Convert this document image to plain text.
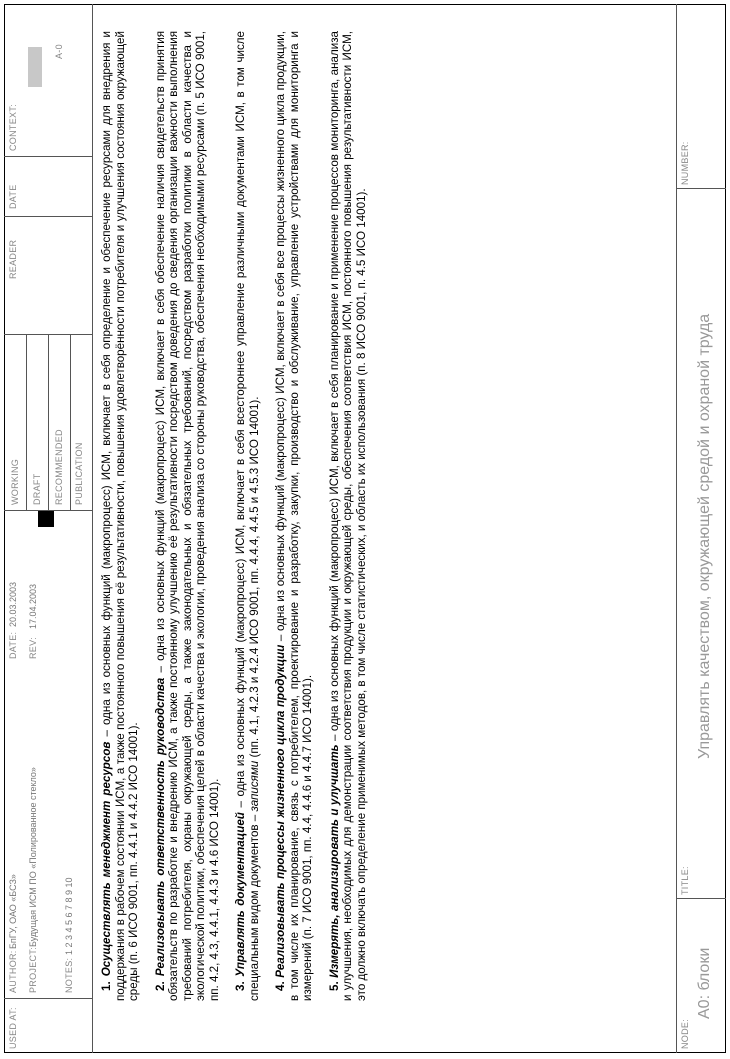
USED AT:
AUTHOR:
БпГУ, ОАО «БСЗ»
DATE:
20.03.2003
PROJECT:
Будущая ИСМ ПО «Полированное стекло»
REV:
17.04.2003
NOTES:
1 2 3 4 5 6 7 8 9 10
WORKING DRAFT RECOMMENDED PUBLICATION
READER
DATE
CONTEXT:
A-0

1. Осуществлять менеджмент ресурсов – одна из основных функций (макропроцесс) ИСМ, включает в себя определение и обеспечение ресурсами для внедрения и поддержания в рабочем состоянии ИСМ, а также постоянного повышения её результативности, повышения удовлетворённости потребителя и улучшения состояния окружающей среды (п. 6 ИСО 9001, пп. 4.4.1 и 4.4.2 ИСО 14001). 2. Реализовывать ответственность руководства – одна из основных функций (макропроцесс) ИСМ, включает в себя обеспечение наличия свидетельств принятия обязательств по разработке и внедрению ИСМ, а также постоянному улучшению её результативности посредством доведения до сведения организации важности выполнения требований потребителя, охраны окружающей среды, а также законодательных и обязательных требований, посредством разработки политики в области качества и экологической политики, обеспечения целей в области качества и экологии, проведения анализа со стороны руководства, обеспечения необходимыми ресурсами (п. 5 ИСО 9001, пп. 4.2, 4.3, 4.4.1, 4.4.3 и 4.6 ИСО 14001). 3. Управлять документацией – одна из основных функций (макропроцесс) ИСМ, включает в себя всестороннее управление различными документами ИСМ, в том числе специальным видом документов – записями (пп. 4.1, 4.2.3 и 4.2.4 ИСО 9001, пп. 4.4.4, 4.4.5 и 4.5.3 ИСО 14001).

4. Реализовывать процессы жизненного цикла продукции – одна из основных функций (макропроцесс) ИСМ, включает в себя все процессы жизненного цикла продукции, в том числе их планирование, связь с потребителем, проектирование и разработку, закупки, производство и обслуживание, управление устройствами для мониторинга и измерений (п. 7 ИСО 9001, пп. 4.4, 4.4.6 и 4.4.7 ИСО 14001). 5. Измерять, анализировать и улучшать – одна из основных функций (макропроцесс) ИСМ, включает в себя планирование и применение процессов мониторинга, анализа и улучшения, необходимых для демонстрации соответствия продукции и окружающей среды, обеспечения соответствия ИСМ, постоянного повышения результативности ИСМ, это должно включать определение применимых методов, в том числе статистических, и область их использования (п. 8 ИСО 9001, п. 4.5 ИСО 14001).

NODE:
A0: блоки
TITLE:
Управлять качеством, окружающей средой и охраной труда
NUMBER:
